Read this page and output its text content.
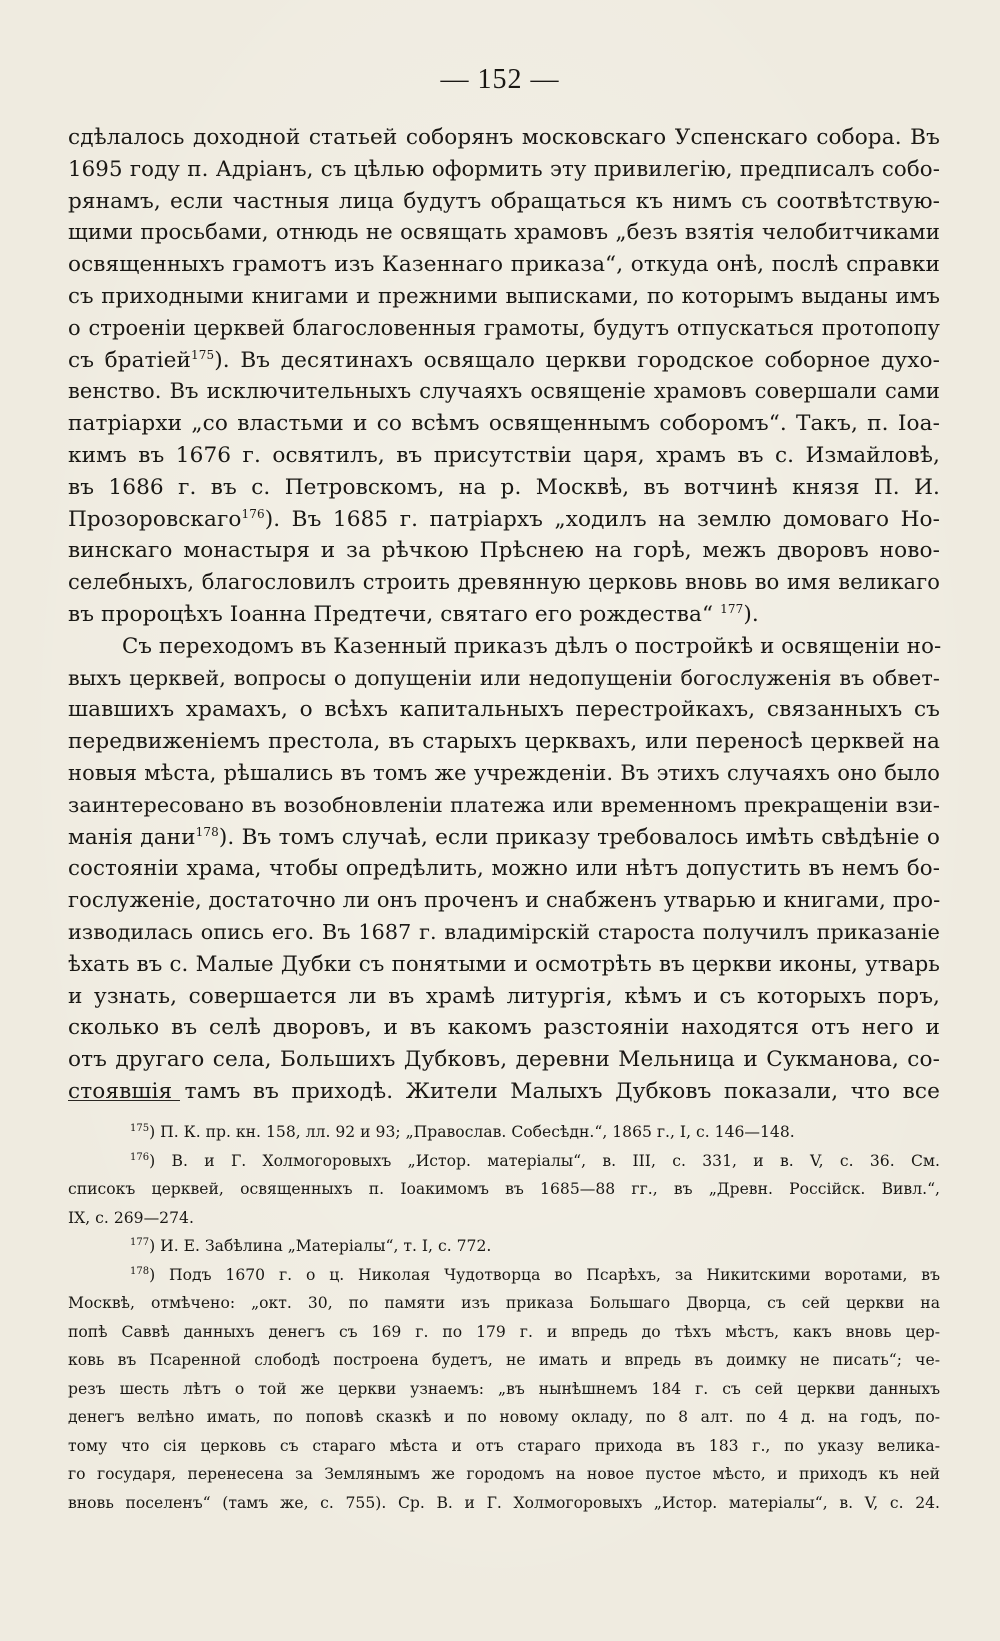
— 152 —
сдѣлалось доходной статьей соборянъ московскаго Успенскаго собора. Въ
1695 году п. Адріанъ, съ цѣлью оформить эту привилегію, предписалъ собо-
рянамъ, если частныя лица будутъ обращаться къ нимъ съ соотвѣтствую-
щими просьбами, отнюдь не освящать храмовъ „безъ взятія челобитчиками
освященныхъ грамотъ изъ Казеннаго приказа“, откуда онѣ, послѣ справки
съ приходными книгами и прежними выписками, по которымъ выданы имъ
о строеніи церквей благословенныя грамоты, будутъ отпускаться протопопу
съ братіей$^{175}$). Въ десятинахъ освящало церкви городское соборное духо-
венство. Въ исключительныхъ случаяхъ освященіе храмовъ совершали сами
патріархи „со властьми и со всѣмъ освященнымъ соборомъ“. Такъ, п. Іоа-
кимъ въ 1676 г. освятилъ, въ присутствіи царя, храмъ въ с. Измайловѣ,
въ 1686 г. въ с. Петровскомъ, на р. Москвѣ, въ вотчинѣ князя П. И.
Прозоровскаго$^{176}$). Въ 1685 г. патріархъ „ходилъ на землю домоваго Но-
винскаго монастыря и за рѣчкою Прѣснею на горѣ, межъ дворовъ ново-
селебныхъ, благословилъ строить древянную церковь вновь во имя великаго
въ пророцѣхъ Іоанна Предтечи, святаго его рождества“ $^{177}$).
Съ переходомъ въ Казенный приказъ дѣлъ о постройкѣ и освященіи но-
выхъ церквей, вопросы о допущеніи или недопущеніи богослуженія въ обвет-
шавшихъ храмахъ, о всѣхъ капитальныхъ перестройкахъ, связанныхъ съ
передвиженіемъ престола, въ старыхъ церквахъ, или переносѣ церквей на
новыя мѣста, рѣшались въ томъ же учрежденіи. Въ этихъ случаяхъ оно было
заинтересовано въ возобновленіи платежа или временномъ прекращеніи взи-
манія дани$^{178}$). Въ томъ случаѣ, если приказу требовалось имѣть свѣдѣніе о
состояніи храма, чтобы опредѣлить, можно или нѣтъ допустить въ немъ бо-
гослуженіе, достаточно ли онъ проченъ и снабженъ утварью и книгами, про-
изводилась опись его. Въ 1687 г. владимірскій староста получилъ приказаніе
ѣхать въ с. Малые Дубки съ понятыми и осмотрѣть въ церкви иконы, утварь
и узнать, совершается ли въ храмѣ литургія, кѣмъ и съ которыхъ поръ,
сколько въ селѣ дворовъ, и въ какомъ разстояніи находятся отъ него и
отъ другаго села, Большихъ Дубковъ, деревни Мельница и Сукманова, со-
стоявшія тамъ въ приходѣ. Жители Малыхъ Дубковъ показали, что все
$^{175}$) П. К. пр. кн. 158, лл. 92 и 93; „Православ. Собесѣдн.“, 1865 г., I, с. 146—148.
$^{176}$) В. и Г. Холмогоровыхъ „Истор. матеріалы“, в. III, с. 331, и в. V, с. 36. См.
списокъ церквей, освященныхъ п. Іоакимомъ въ 1685—88 гг., въ „Древн. Россійск. Вивл.“,
IX, с. 269—274.
$^{177}$) И. Е. Забѣлина „Матеріалы“, т. I, с. 772.
$^{178}$) Подъ 1670 г. о ц. Николая Чудотворца во Псарѣхъ, за Никитскими воротами, въ
Москвѣ, отмѣчено: „окт. 30, по памяти изъ приказа Большаго Дворца, съ сей церкви на
попѣ Саввѣ данныхъ денегъ съ 169 г. по 179 г. и впредь до тѣхъ мѣстъ, какъ вновь цер-
ковь въ Псаренной слободѣ построена будетъ, не имать и впредь въ доимку не писать“; че-
резъ шесть лѣтъ о той же церкви узнаемъ: „въ нынѣшнемъ 184 г. съ сей церкви данныхъ
денегъ велѣно имать, по поповѣ сказкѣ и по новому окладу, по 8 алт. по 4 д. на годъ, по-
тому что сія церковь съ стараго мѣста и отъ стараго прихода въ 183 г., по указу велика-
го государя, перенесена за Землянымъ же городомъ на новое пустое мѣсто, и приходъ къ ней
вновь поселенъ“ (тамъ же, с. 755). Ср. В. и Г. Холмогоровыхъ „Истор. матеріалы“, в. V, с. 24.
